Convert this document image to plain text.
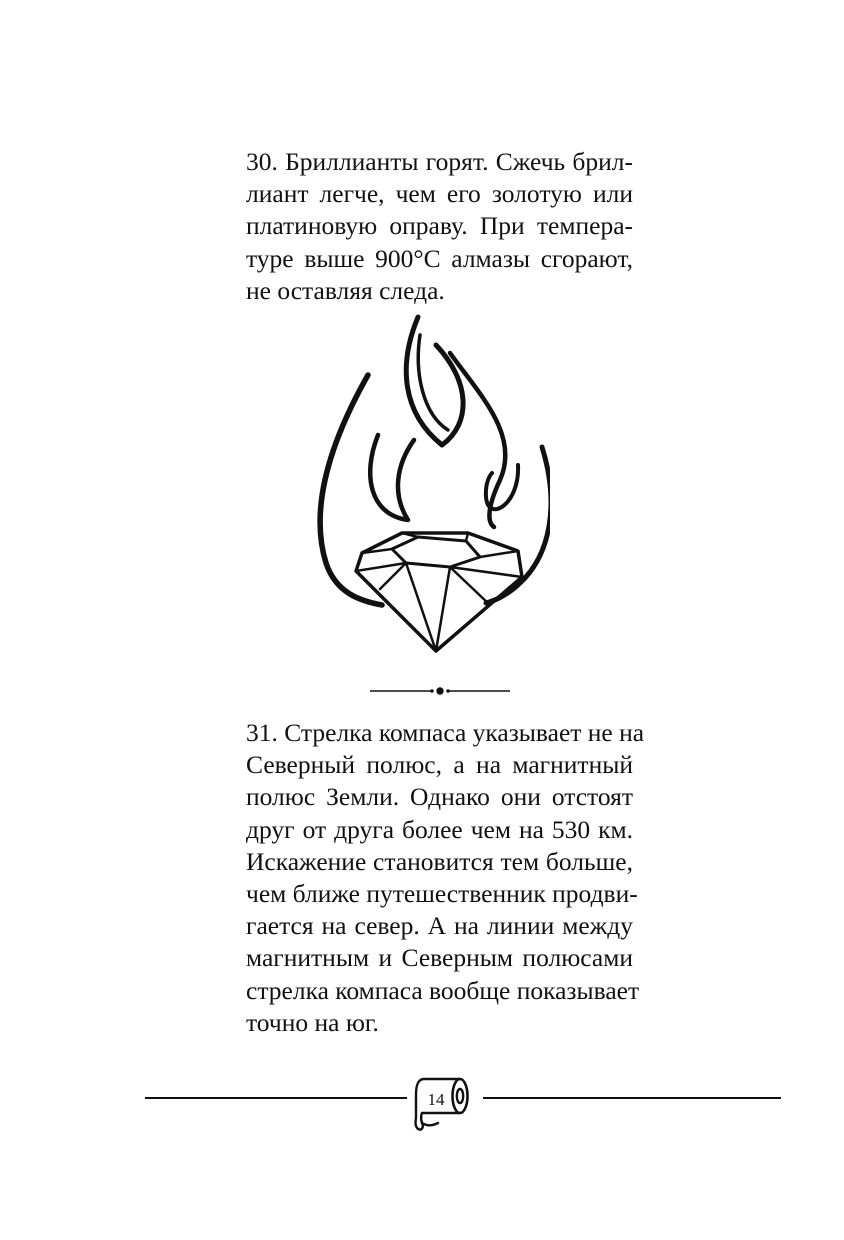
30. Бриллианты горят. Сжечь брил-
лиант легче, чем его золотую или
платиновую оправу. При темпера-
туре выше 900°С алмазы сгорают,
не оставляя следа.
31. Стрелка компаса указывает не на
Северный полюс, а на магнитный
полюс Земли. Однако они отстоят
друг от друга более чем на 530 км.
Искажение становится тем больше,
чем ближе путешественник продви-
гается на север. А на линии между
магнитным и Северным полюсами
стрелка компаса вообще показывает
точно на юг.
14
